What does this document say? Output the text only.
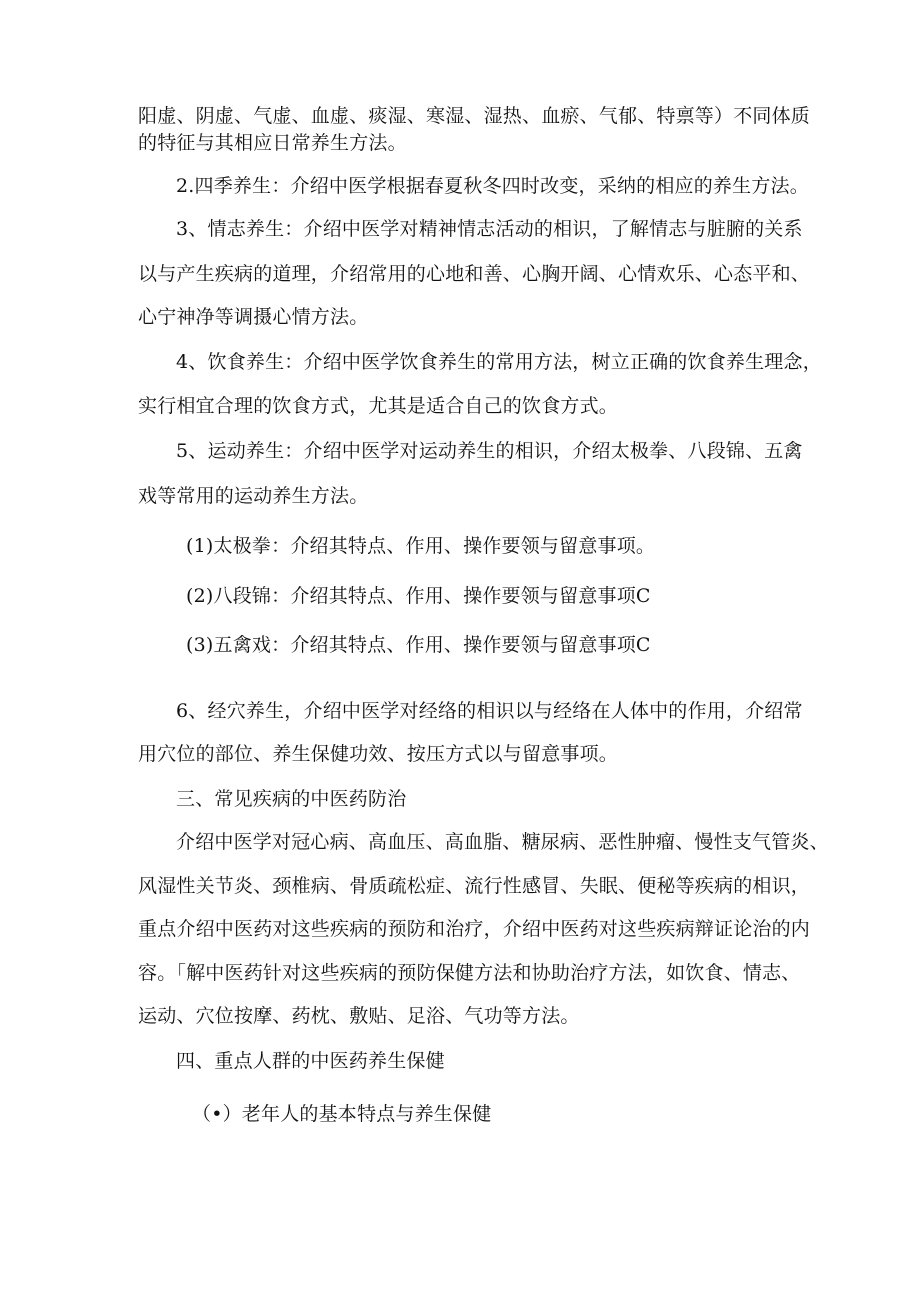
阳虚、阴虚、气虚、血虚、痰湿、寒湿、湿热、血瘀、气郁、特禀等）不同体质
的特征与其相应日常养生方法。
2.四季养生：介绍中医学根据春夏秋冬四时改变，采纳的相应的养生方法。
3、情志养生：介绍中医学对精神情志活动的相识，了解情志与脏腑的关系
以与产生疾病的道理，介绍常用的心地和善、心胸开阔、心情欢乐、心态平和、
心宁神净等调摄心情方法。
4、饮食养生：介绍中医学饮食养生的常用方法，树立正确的饮食养生理念，
实行相宜合理的饮食方式，尤其是适合自己的饮食方式。
5、运动养生：介绍中医学对运动养生的相识，介绍太极拳、八段锦、五禽
戏等常用的运动养生方法。
(1)太极拳：介绍其特点、作用、操作要领与留意事项。
(2)八段锦：介绍其特点、作用、操作要领与留意事项C
(3)五禽戏：介绍其特点、作用、操作要领与留意事项C
6、经穴养生，介绍中医学对经络的相识以与经络在人体中的作用，介绍常
用穴位的部位、养生保健功效、按压方式以与留意事项。
三、常见疾病的中医药防治
介绍中医学对冠心病、高血压、高血脂、糖尿病、恶性肿瘤、慢性支气管炎、
风湿性关节炎、颈椎病、骨质疏松症、流行性感冒、失眠、便秘等疾病的相识，
重点介绍中医药对这些疾病的预防和治疗，介绍中医药对这些疾病辩证论治的内
容。「解中医药针对这些疾病的预防保健方法和协助治疗方法，如饮食、情志、
运动、穴位按摩、药枕、敷贴、足浴、气功等方法。
四、重点人群的中医药养生保健
（•）老年人的基本特点与养生保健
